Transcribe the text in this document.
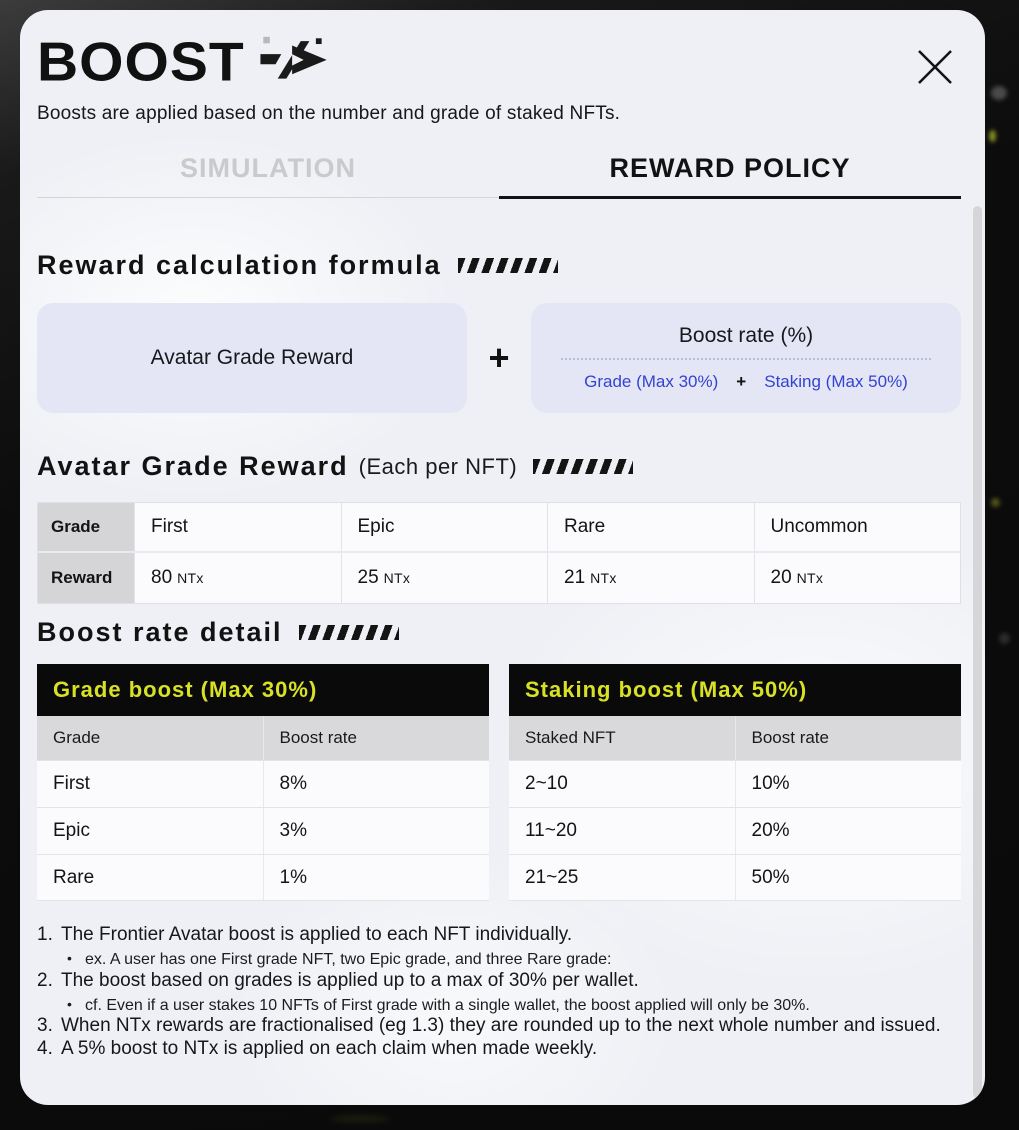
BOOST

Boosts are applied based on the number and grade of staked NFTs.

SIMULATION	REWARD POLICY
Reward calculation formula
Avatar Grade Reward	+
Boost rate (%)
Grade (Max 30%) + Staking (Max 50%)
Avatar Grade Reward (Each per NFT)
Grade	First	Epic	Rare	Uncommon
Reward	80 NTx	25 NTx	21 NTx	20 NTx
Boost rate detail
Grade boost (Max 30%)
Grade	Boost rate
First	8%
Epic	3%
Rare	1%
Staking boost (Max 50%)
Staked NFT	Boost rate
2~10	10%
11~20	20%
21~25	50%
1. The Frontier Avatar boost is applied to each NFT individually.
• ex. A user has one First grade NFT, two Epic grade, and three Rare grade:
2. The boost based on grades is applied up to a max of 30% per wallet.
• cf. Even if a user stakes 10 NFTs of First grade with a single wallet, the boost applied will only be 30%.
3. When NTx rewards are fractionalised (eg 1.3) they are rounded up to the next whole number and issued.
4. A 5% boost to NTx is applied on each claim when made weekly.
